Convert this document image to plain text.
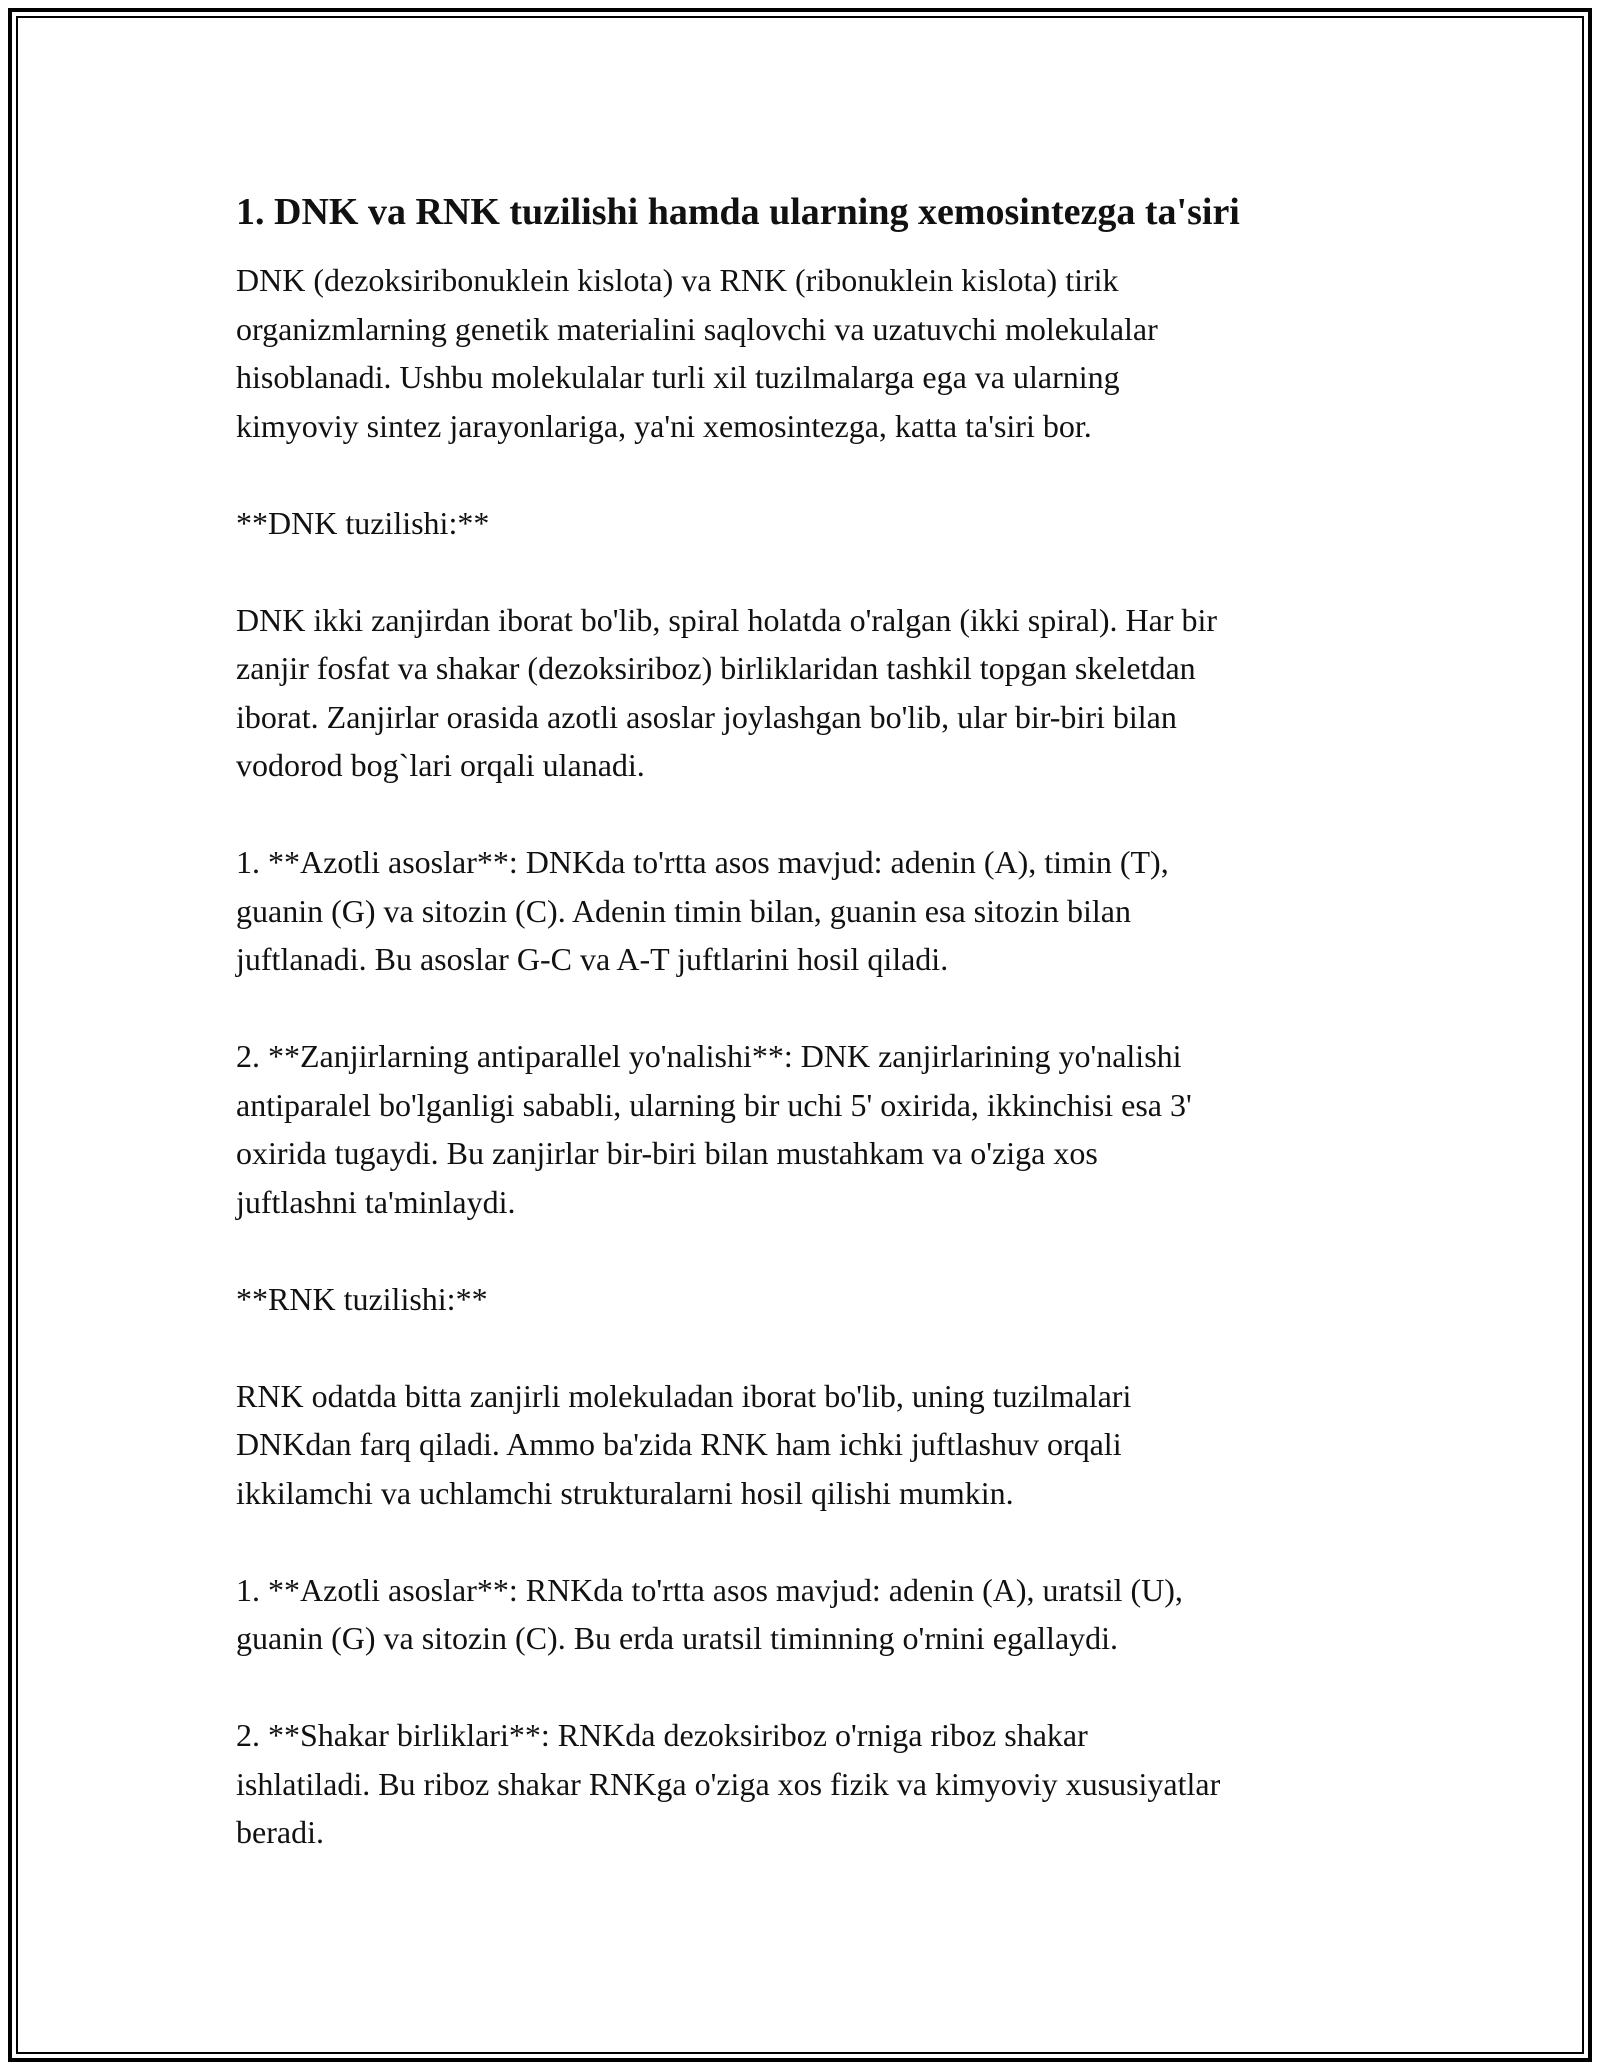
1. DNK va RNK tuzilishi hamda ularning xemosintezga ta'siri

DNK (dezoksiribonuklein kislota) va RNK (ribonuklein kislota) tirik
organizmlarning genetik materialini saqlovchi va uzatuvchi molekulalar
hisoblanadi. Ushbu molekulalar turli xil tuzilmalarga ega va ularning
kimyoviy sintez jarayonlariga, ya'ni xemosintezga, katta ta'siri bor.

**DNK tuzilishi:**

DNK ikki zanjirdan iborat bo'lib, spiral holatda o'ralgan (ikki spiral). Har bir
zanjir fosfat va shakar (dezoksiriboz) birliklaridan tashkil topgan skeletdan
iborat. Zanjirlar orasida azotli asoslar joylashgan bo'lib, ular bir-biri bilan
vodorod bog`lari orqali ulanadi.

1. **Azotli asoslar**: DNKda to'rtta asos mavjud: adenin (A), timin (T),
guanin (G) va sitozin (C). Adenin timin bilan, guanin esa sitozin bilan
juftlanadi. Bu asoslar G-C va A-T juftlarini hosil qiladi.

2. **Zanjirlarning antiparallel yo'nalishi**: DNK zanjirlarining yo'nalishi
antiparalel bo'lganligi sababli, ularning bir uchi 5' oxirida, ikkinchisi esa 3'
oxirida tugaydi. Bu zanjirlar bir-biri bilan mustahkam va o'ziga xos
juftlashni ta'minlaydi.

**RNK tuzilishi:**

RNK odatda bitta zanjirli molekuladan iborat bo'lib, uning tuzilmalari
DNKdan farq qiladi. Ammo ba'zida RNK ham ichki juftlashuv orqali
ikkilamchi va uchlamchi strukturalarni hosil qilishi mumkin.

1. **Azotli asoslar**: RNKda to'rtta asos mavjud: adenin (A), uratsil (U),
guanin (G) va sitozin (C). Bu erda uratsil timinning o'rnini egallaydi.

2. **Shakar birliklari**: RNKda dezoksiriboz o'rniga riboz shakar
ishlatiladi. Bu riboz shakar RNKga o'ziga xos fizik va kimyoviy xususiyatlar
beradi.
